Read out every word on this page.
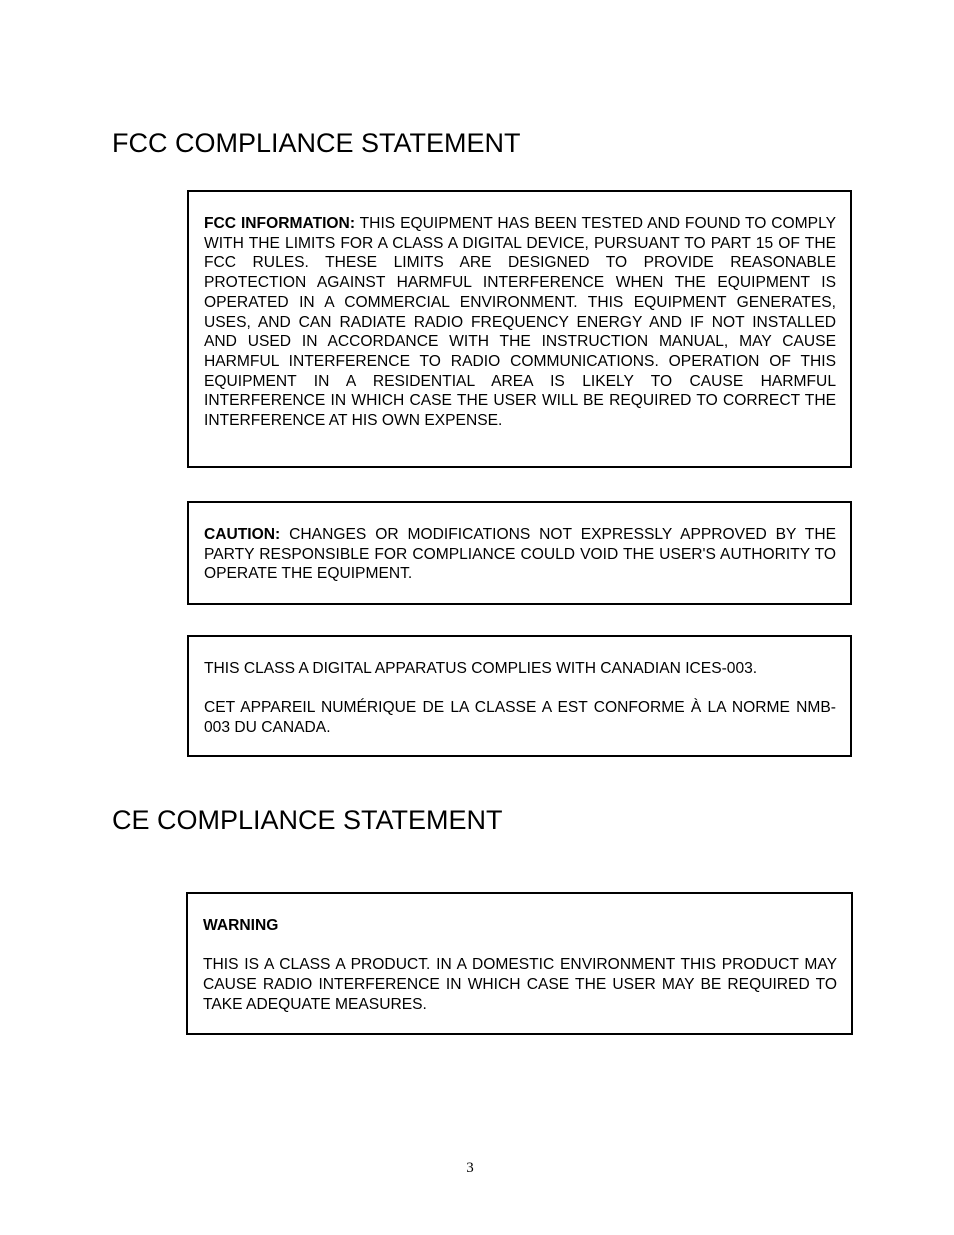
FCC COMPLIANCE STATEMENT

FCC INFORMATION: THIS EQUIPMENT HAS BEEN TESTED AND FOUND TO COMPLY WITH THE LIMITS FOR A CLASS A DIGITAL DEVICE, PURSUANT TO PART 15 OF THE FCC RULES. THESE LIMITS ARE DESIGNED TO PROVIDE REASONABLE PROTECTION AGAINST HARMFUL INTERFERENCE WHEN THE EQUIPMENT IS OPERATED IN A COMMERCIAL ENVIRONMENT. THIS EQUIPMENT GENERATES, USES, AND CAN RADIATE RADIO FREQUENCY ENERGY AND IF NOT INSTALLED AND USED IN ACCORDANCE WITH THE INSTRUCTION MANUAL, MAY CAUSE HARMFUL INTERFERENCE TO RADIO COMMUNICATIONS. OPERATION OF THIS EQUIPMENT IN A RESIDENTIAL AREA IS LIKELY TO CAUSE HARMFUL INTERFERENCE IN WHICH CASE THE USER WILL BE REQUIRED TO CORRECT THE INTERFERENCE AT HIS OWN EXPENSE.

CAUTION: CHANGES OR MODIFICATIONS NOT EXPRESSLY APPROVED BY THE PARTY RESPONSIBLE FOR COMPLIANCE COULD VOID THE USER'S AUTHORITY TO OPERATE THE EQUIPMENT.

THIS CLASS A DIGITAL APPARATUS COMPLIES WITH CANADIAN ICES-003.

CET APPAREIL NUMÉRIQUE DE LA CLASSE A EST CONFORME À LA NORME NMB-003 DU CANADA.

CE COMPLIANCE STATEMENT

WARNING

THIS IS A CLASS A PRODUCT. IN A DOMESTIC ENVIRONMENT THIS PRODUCT MAY CAUSE RADIO INTERFERENCE IN WHICH CASE THE USER MAY BE REQUIRED TO TAKE ADEQUATE MEASURES.

3
